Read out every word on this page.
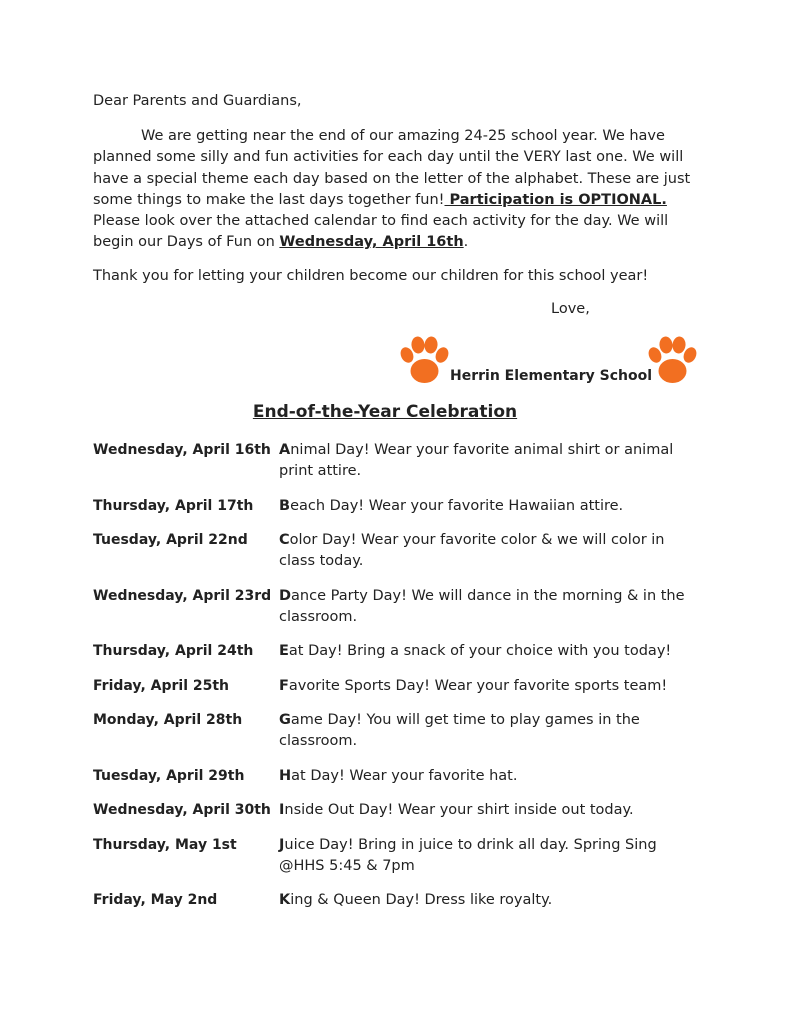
Dear Parents and Guardians,

We are getting near the end of our amazing 24-25 school year. We have planned some silly and fun activities for each day until the VERY last one. We will have a special theme each day based on the letter of the alphabet. These are just some things to make the last days together fun! Participation is OPTIONAL. Please look over the attached calendar to find each activity for the day. We will begin our Days of Fun on Wednesday, April 16th.

Thank you for letting your children become our children for this school year!
Love,
Herrin Elementary School
End-of-the-Year Celebration
Wednesday, April 16th Animal Day! Wear your favorite animal shirt or animal print attire.
Thursday, April 17th	Beach Day! Wear your favorite Hawaiian attire.
Tuesday, April 22nd	Color Day! Wear your favorite color & we will color in class today.
Wednesday, April 23rd Dance Party Day! We will dance in the morning & in the classroom.
Thursday, April 24th	Eat Day! Bring a snack of your choice with you today!
Friday, April 25th	Favorite Sports Day! Wear your favorite sports team!
Monday, April 28th	Game Day! You will get time to play games in the classroom.
Tuesday, April 29th	Hat Day! Wear your favorite hat.
Wednesday, April 30th Inside Out Day! Wear your shirt inside out today.
Thursday, May 1st	Juice Day! Bring in juice to drink all day. Spring Sing @HHS 5:45 & 7pm
Friday, May 2nd	King & Queen Day! Dress like royalty.
